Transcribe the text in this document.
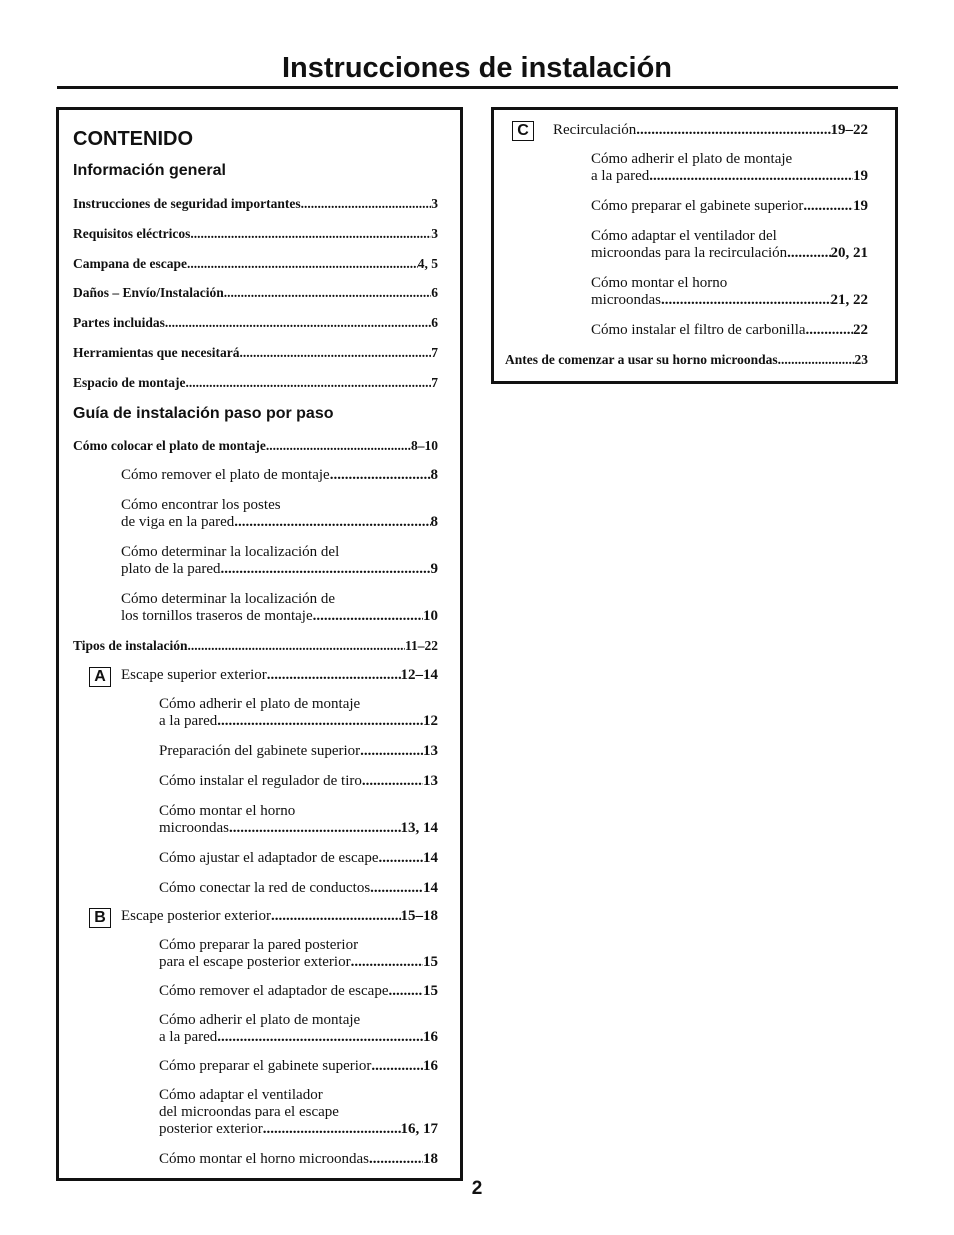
Instrucciones de instalación
CONTENIDO
Información general
Instrucciones de seguridad importantes .....	3
Requisitos eléctricos .....	3
Campana de escape .....	4, 5
Daños – Envío/Instalación .....	6
Partes incluidas .....	6
Herramientas que necesitará .....	7
Espacio de montaje .....	7
Guía de instalación paso por paso
Cómo colocar el plato de montaje .....	8–10
Cómo remover el plato de montaje .....	8
Cómo encontrar los postes
de viga en la pared .....	8
Cómo determinar la localización del
plato de la pared .....	9
Cómo determinar la localización de
los tornillos traseros de montaje .....	10
Tipos de instalación .....	11–22
A	Escape superior exterior .....	12–14
Cómo adherir el plato de montaje
a la pared .....	12
Preparación del gabinete superior .....	13
Cómo instalar el regulador de tiro .....	13
Cómo montar el horno
microondas .....	13, 14
Cómo ajustar el adaptador de escape .....	14
Cómo conectar la red de conductos .....	14
B	Escape posterior exterior .....	15–18
Cómo preparar la pared posterior
para el escape posterior exterior .....	15
Cómo remover el adaptador de escape ..... 15
Cómo adherir el plato de montaje
a la pared .....	16
Cómo preparar el gabinete superior .....	16
Cómo adaptar el ventilador
del microondas para el escape
posterior exterior .....	16, 17
Cómo montar el horno microondas .....	18
C	Recirculación .....	19–22
Cómo adherir el plato de montaje
a la pared .....	19
Cómo preparar el gabinete superior .....	19
Cómo adaptar el ventilador del
microondas para la recirculación .....	20, 21
Cómo montar el horno
microondas .....	21, 22
Cómo instalar el filtro de carbonilla .....	22
Antes de comenzar a usar su horno microondas .....	23
2
